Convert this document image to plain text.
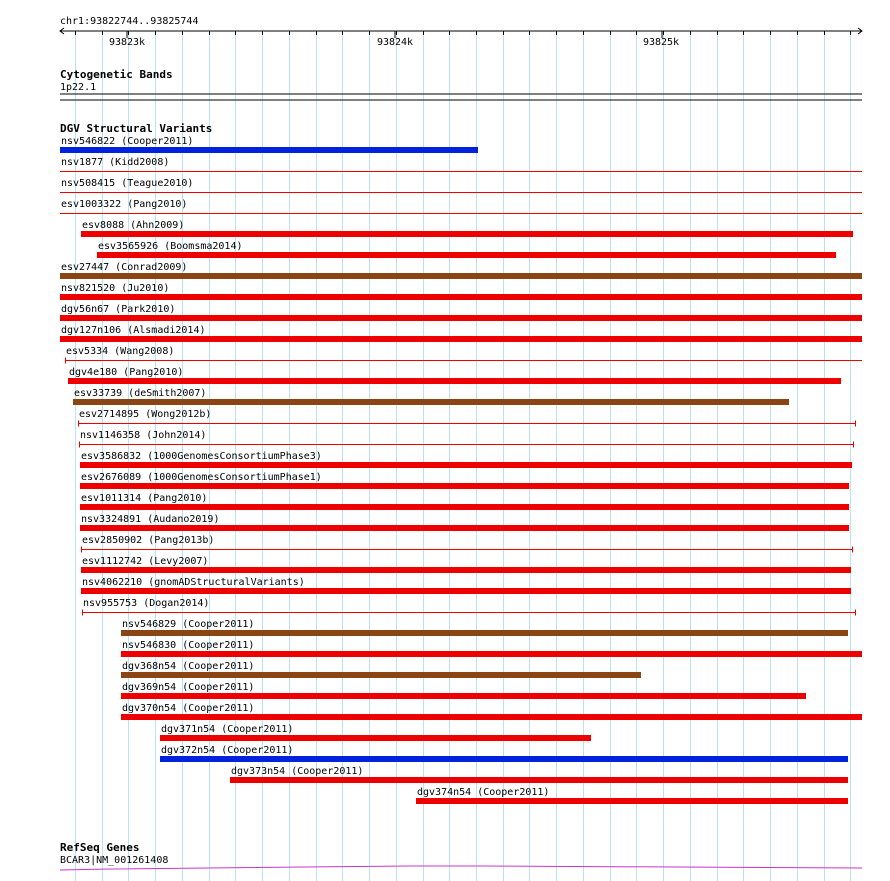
chr1:93822744..93825744
93823k	93824k	93825k
Cytogenetic Bands
1p22.1
DGV Structural Variants
nsv546822 (Cooper2011)
nsv1877 (Kidd2008)
nsv508415 (Teague2010)
esv1003322 (Pang2010)
esv8088 (Ahn2009)
esv3565926 (Boomsma2014)
esv27447 (Conrad2009)
nsv821520 (Ju2010)
dgv56n67 (Park2010)
dgv127n106 (Alsmadi2014)
esv5334 (Wang2008)
dgv4e180 (Pang2010)
esv33739 (deSmith2007)
esv2714895 (Wong2012b)
nsv1146358 (John2014)
esv3586832 (1000GenomesConsortiumPhase3)
esv2676089 (1000GenomesConsortiumPhase1)
esv1011314 (Pang2010)
nsv3324891 (Audano2019)
esv2850902 (Pang2013b)
esv1112742 (Levy2007)
nsv4062210 (gnomADStructuralVariants)
nsv955753 (Dogan2014)
nsv546829 (Cooper2011)
nsv546830 (Cooper2011)
dgv368n54 (Cooper2011)
dgv369n54 (Cooper2011)
dgv370n54 (Cooper2011)
dgv371n54 (Cooper2011)
dgv372n54 (Cooper2011)
dgv373n54 (Cooper2011)
dgv374n54 (Cooper2011)
RefSeq Genes
BCAR3|NM_001261408
